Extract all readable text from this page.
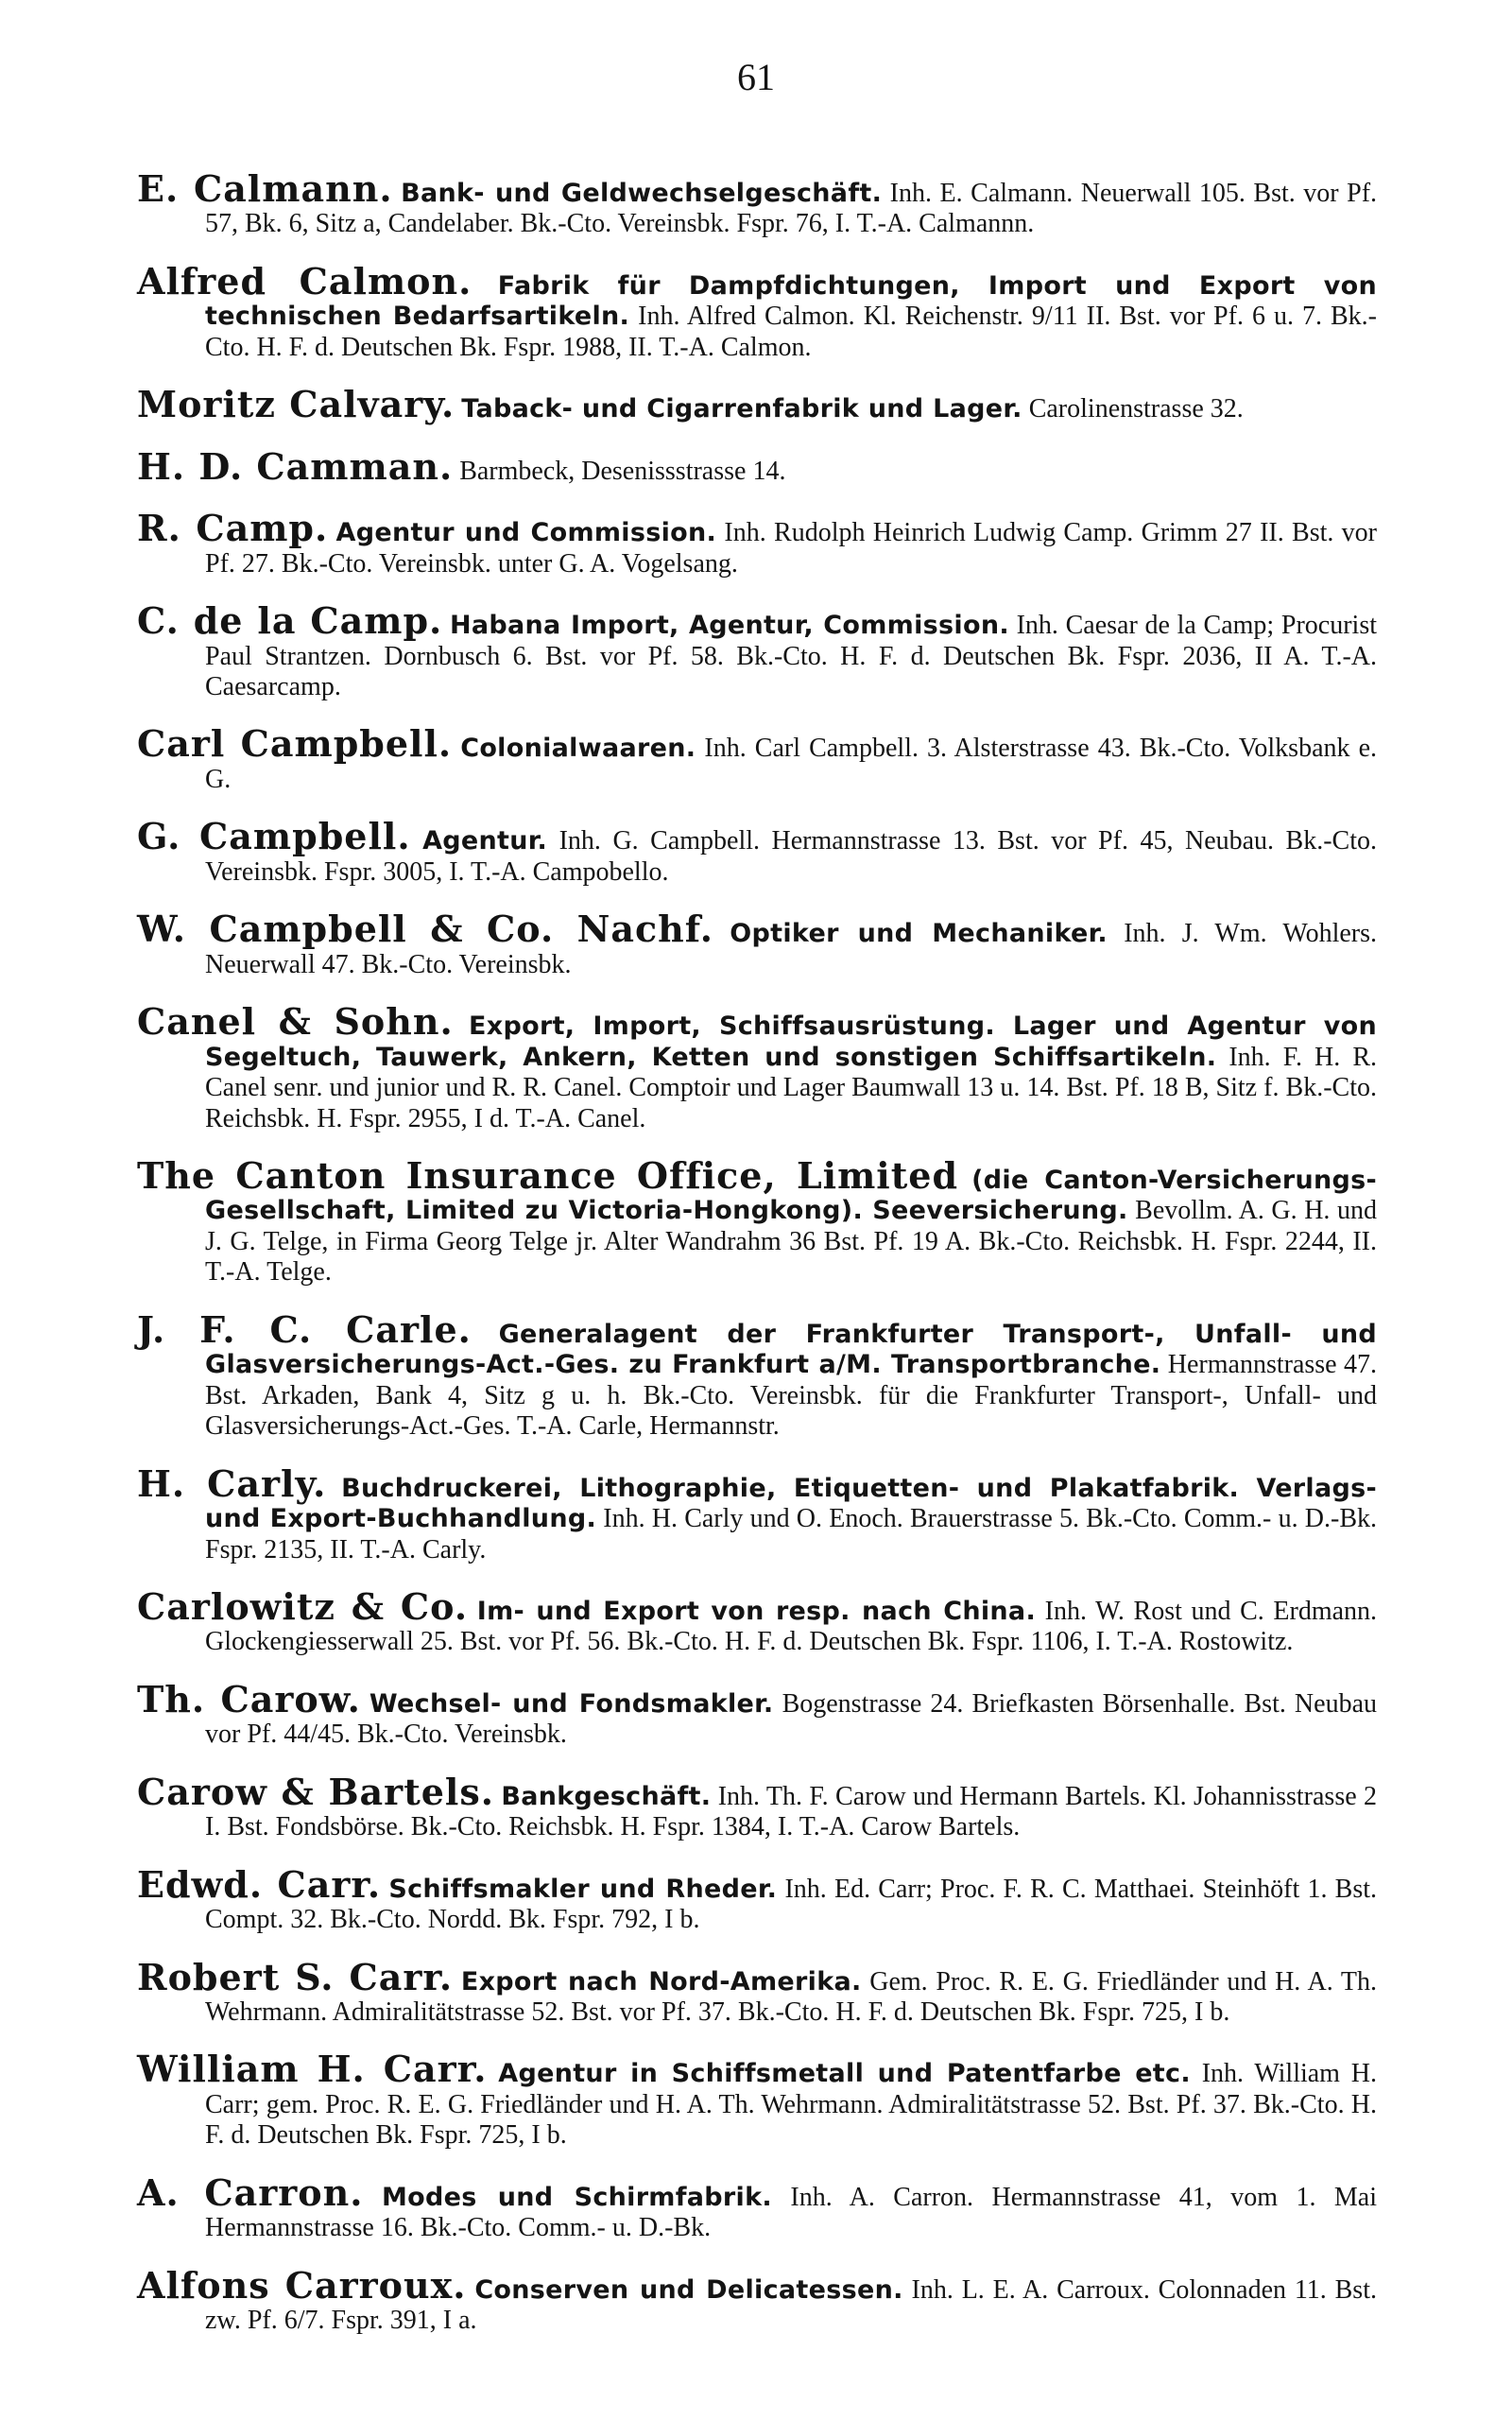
61

E. Calmann. Bank- und Geldwechselgeschäft. Inh. E. Calmann. Neuerwall 105. Bst. vor Pf. 57, Bk. 6, Sitz a, Candelaber. Bk.-Cto. Vereinsbk. Fspr. 76, I. T.-A. Calmannn.

Alfred Calmon. Fabrik für Dampfdichtungen, Import und Export von technischen Bedarfsartikeln. Inh. Alfred Calmon. Kl. Reichenstr. 9/11 II. Bst. vor Pf. 6 u. 7. Bk.-Cto. H. F. d. Deutschen Bk. Fspr. 1988, II. T.-A. Calmon.

Moritz Calvary. Taback- und Cigarrenfabrik und Lager. Carolinenstrasse 32.

H. D. Camman. Barmbeck, Desenissstrasse 14.

R. Camp. Agentur und Commission. Inh. Rudolph Heinrich Ludwig Camp. Grimm 27 II. Bst. vor Pf. 27. Bk.-Cto. Vereinsbk. unter G. A. Vogelsang.

C. de la Camp. Habana Import, Agentur, Commission. Inh. Caesar de la Camp; Procurist Paul Strantzen. Dornbusch 6. Bst. vor Pf. 58. Bk.-Cto. H. F. d. Deutschen Bk. Fspr. 2036, II A. T.-A. Caesarcamp.

Carl Campbell. Colonialwaaren. Inh. Carl Campbell. 3. Alsterstrasse 43. Bk.-Cto. Volksbank e. G.

G. Campbell. Agentur. Inh. G. Campbell. Hermannstrasse 13. Bst. vor Pf. 45, Neubau. Bk.-Cto. Vereinsbk. Fspr. 3005, I. T.-A. Campobello.

W. Campbell & Co. Nachf. Optiker und Mechaniker. Inh. J. Wm. Wohlers. Neuerwall 47. Bk.-Cto. Vereinsbk.

Canel & Sohn. Export, Import, Schiffsausrüstung. Lager und Agentur von Segeltuch, Tauwerk, Ankern, Ketten und sonstigen Schiffsartikeln. Inh. F. H. R. Canel senr. und junior und R. R. Canel. Comptoir und Lager Baumwall 13 u. 14. Bst. Pf. 18 B, Sitz f. Bk.-Cto. Reichsbk. H. Fspr. 2955, I d. T.-A. Canel.

The Canton Insurance Office, Limited (die Canton-Versicherungs-Gesellschaft, Limited zu Victoria-Hongkong). Seeversicherung. Bevollm. A. G. H. und J. G. Telge, in Firma Georg Telge jr. Alter Wandrahm 36 Bst. Pf. 19 A. Bk.-Cto. Reichsbk. H. Fspr. 2244, II. T.-A. Telge.

J. F. C. Carle. Generalagent der Frankfurter Transport-, Unfall- und Glasversicherungs-Act.-Ges. zu Frankfurt a/M. Transportbranche. Hermannstrasse 47. Bst. Arkaden, Bank 4, Sitz g u. h. Bk.-Cto. Vereinsbk. für die Frankfurter Transport-, Unfall- und Glasversicherungs-Act.-Ges. T.-A. Carle, Hermannstr.

H. Carly. Buchdruckerei, Lithographie, Etiquetten- und Plakatfabrik. Verlags- und Export-Buchhandlung. Inh. H. Carly und O. Enoch. Brauerstrasse 5. Bk.-Cto. Comm.- u. D.-Bk. Fspr. 2135, II. T.-A. Carly.

Carlowitz & Co. Im- und Export von resp. nach China. Inh. W. Rost und C. Erdmann. Glockengiesserwall 25. Bst. vor Pf. 56. Bk.-Cto. H. F. d. Deutschen Bk. Fspr. 1106, I. T.-A. Rostowitz.

Th. Carow. Wechsel- und Fondsmakler. Bogenstrasse 24. Briefkasten Börsenhalle. Bst. Neubau vor Pf. 44/45. Bk.-Cto. Vereinsbk.

Carow & Bartels. Bankgeschäft. Inh. Th. F. Carow und Hermann Bartels. Kl. Johannisstrasse 2 I. Bst. Fondsbörse. Bk.-Cto. Reichsbk. H. Fspr. 1384, I. T.-A. Carow Bartels.

Edwd. Carr. Schiffsmakler und Rheder. Inh. Ed. Carr; Proc. F. R. C. Matthaei. Steinhöft 1. Bst. Compt. 32. Bk.-Cto. Nordd. Bk. Fspr. 792, I b.

Robert S. Carr. Export nach Nord-Amerika. Gem. Proc. R. E. G. Friedländer und H. A. Th. Wehrmann. Admiralitätstrasse 52. Bst. vor Pf. 37. Bk.-Cto. H. F. d. Deutschen Bk. Fspr. 725, I b.

William H. Carr. Agentur in Schiffsmetall und Patentfarbe etc. Inh. William H. Carr; gem. Proc. R. E. G. Friedländer und H. A. Th. Wehrmann. Admiralitätstrasse 52. Bst. Pf. 37. Bk.-Cto. H. F. d. Deutschen Bk. Fspr. 725, I b.

A. Carron. Modes und Schirmfabrik. Inh. A. Carron. Hermannstrasse 41, vom 1. Mai Hermannstrasse 16. Bk.-Cto. Comm.- u. D.-Bk.

Alfons Carroux. Conserven und Delicatessen. Inh. L. E. A. Carroux. Colonnaden 11. Bst. zw. Pf. 6/7. Fspr. 391, I a.
